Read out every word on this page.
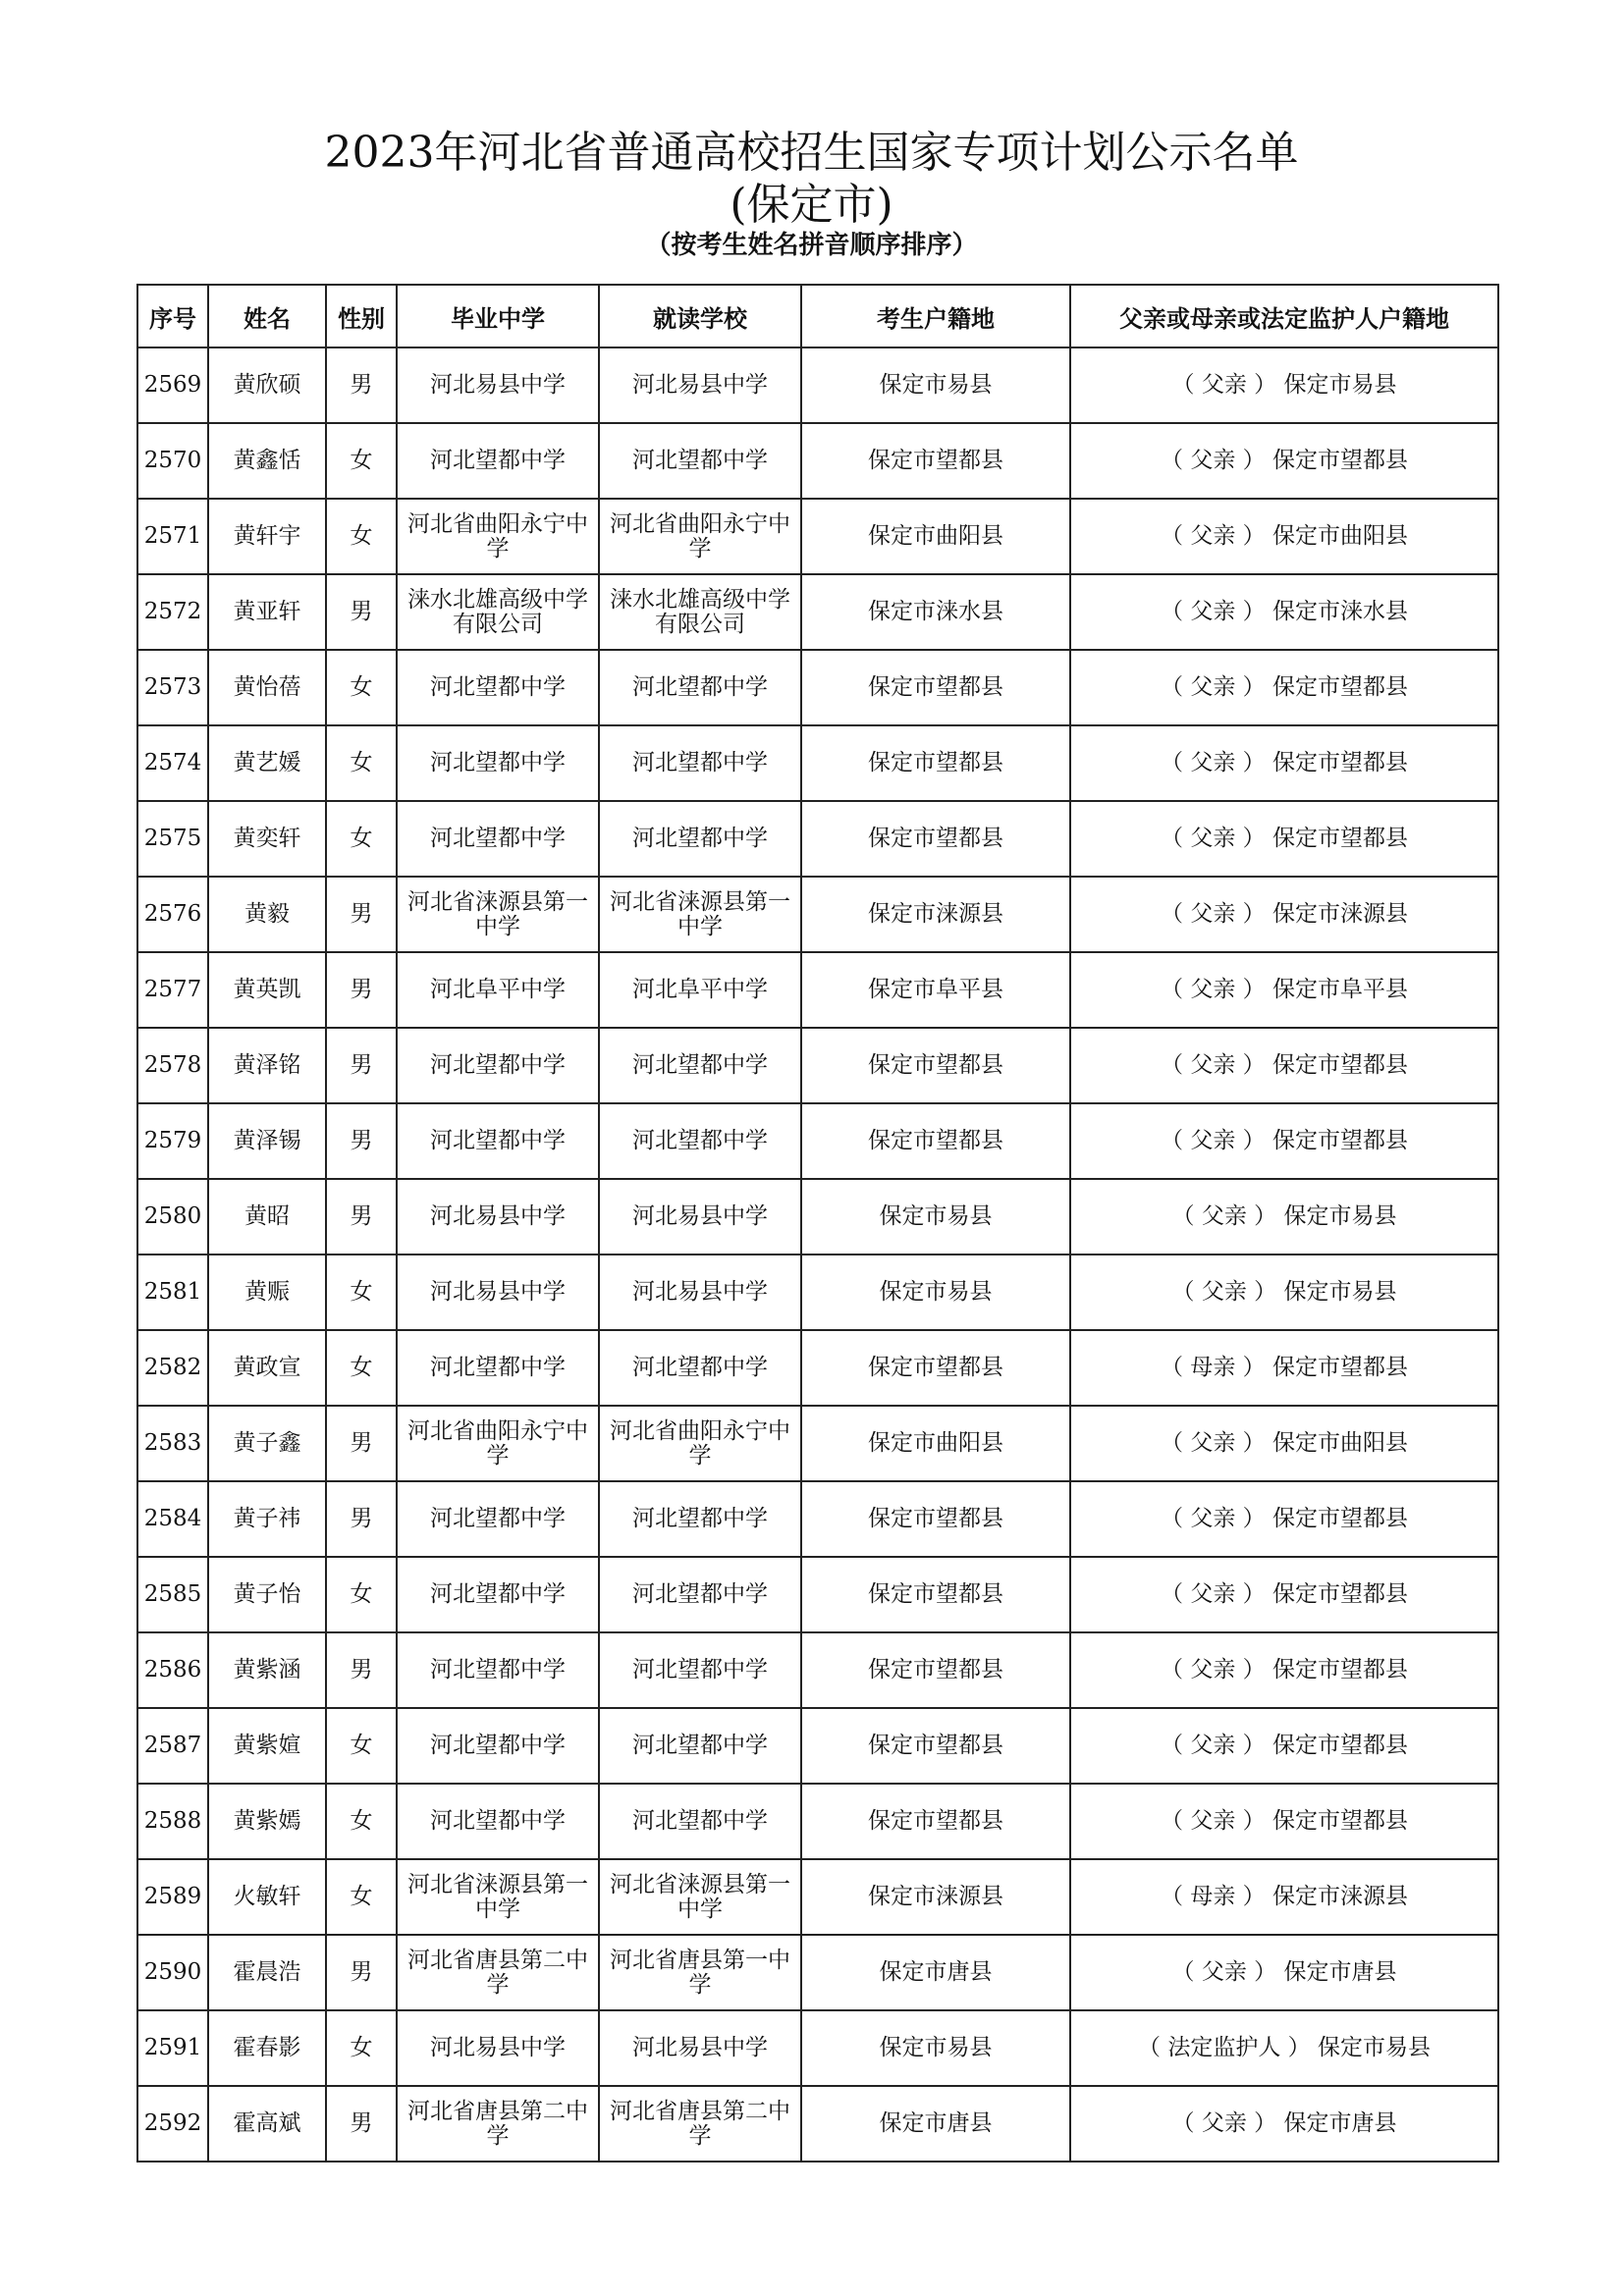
2023年河北省普通高校招生国家专项计划公示名单
(保定市)
（按考生姓名拼音顺序排序）
序号	姓名	性别	毕业中学	就读学校	考生户籍地	父亲或母亲或法定监护人户籍地
2569	黄欣硕	男	河北易县中学	河北易县中学	保定市易县	（ 父亲 ） 保定市易县
2570	黄鑫恬	女	河北望都中学	河北望都中学	保定市望都县	（ 父亲 ） 保定市望都县
2571	黄轩宇	女	河北省曲阳永宁中学	河北省曲阳永宁中学	保定市曲阳县	（ 父亲 ） 保定市曲阳县
2572	黄亚轩	男	涞水北雄高级中学有限公司	涞水北雄高级中学有限公司	保定市涞水县	（ 父亲 ） 保定市涞水县
2573	黄怡蓓	女	河北望都中学	河北望都中学	保定市望都县	（ 父亲 ） 保定市望都县
2574	黄艺媛	女	河北望都中学	河北望都中学	保定市望都县	（ 父亲 ） 保定市望都县
2575	黄奕轩	女	河北望都中学	河北望都中学	保定市望都县	（ 父亲 ） 保定市望都县
2576	黄毅	男	河北省涞源县第一中学	河北省涞源县第一中学	保定市涞源县	（ 父亲 ） 保定市涞源县
2577	黄英凯	男	河北阜平中学	河北阜平中学	保定市阜平县	（ 父亲 ） 保定市阜平县
2578	黄泽铭	男	河北望都中学	河北望都中学	保定市望都县	（ 父亲 ） 保定市望都县
2579	黄泽锡	男	河北望都中学	河北望都中学	保定市望都县	（ 父亲 ） 保定市望都县
2580	黄昭	男	河北易县中学	河北易县中学	保定市易县	（ 父亲 ） 保定市易县
2581	黄赈	女	河北易县中学	河北易县中学	保定市易县	（ 父亲 ） 保定市易县
2582	黄政宣	女	河北望都中学	河北望都中学	保定市望都县	（ 母亲 ） 保定市望都县
2583	黄子鑫	男	河北省曲阳永宁中学	河北省曲阳永宁中学	保定市曲阳县	（ 父亲 ） 保定市曲阳县
2584	黄子祎	男	河北望都中学	河北望都中学	保定市望都县	（ 父亲 ） 保定市望都县
2585	黄子怡	女	河北望都中学	河北望都中学	保定市望都县	（ 父亲 ） 保定市望都县
2586	黄紫涵	男	河北望都中学	河北望都中学	保定市望都县	（ 父亲 ） 保定市望都县
2587	黄紫媗	女	河北望都中学	河北望都中学	保定市望都县	（ 父亲 ） 保定市望都县
2588	黄紫嫣	女	河北望都中学	河北望都中学	保定市望都县	（ 父亲 ） 保定市望都县
2589	火敏轩	女	河北省涞源县第一中学	河北省涞源县第一中学	保定市涞源县	（ 母亲 ） 保定市涞源县
2590	霍晨浩	男	河北省唐县第二中学	河北省唐县第一中学	保定市唐县	（ 父亲 ） 保定市唐县
2591	霍春影	女	河北易县中学	河北易县中学	保定市易县	（ 法定监护人 ） 保定市易县
2592	霍高斌	男	河北省唐县第二中学	河北省唐县第二中学	保定市唐县	（ 父亲 ） 保定市唐县
